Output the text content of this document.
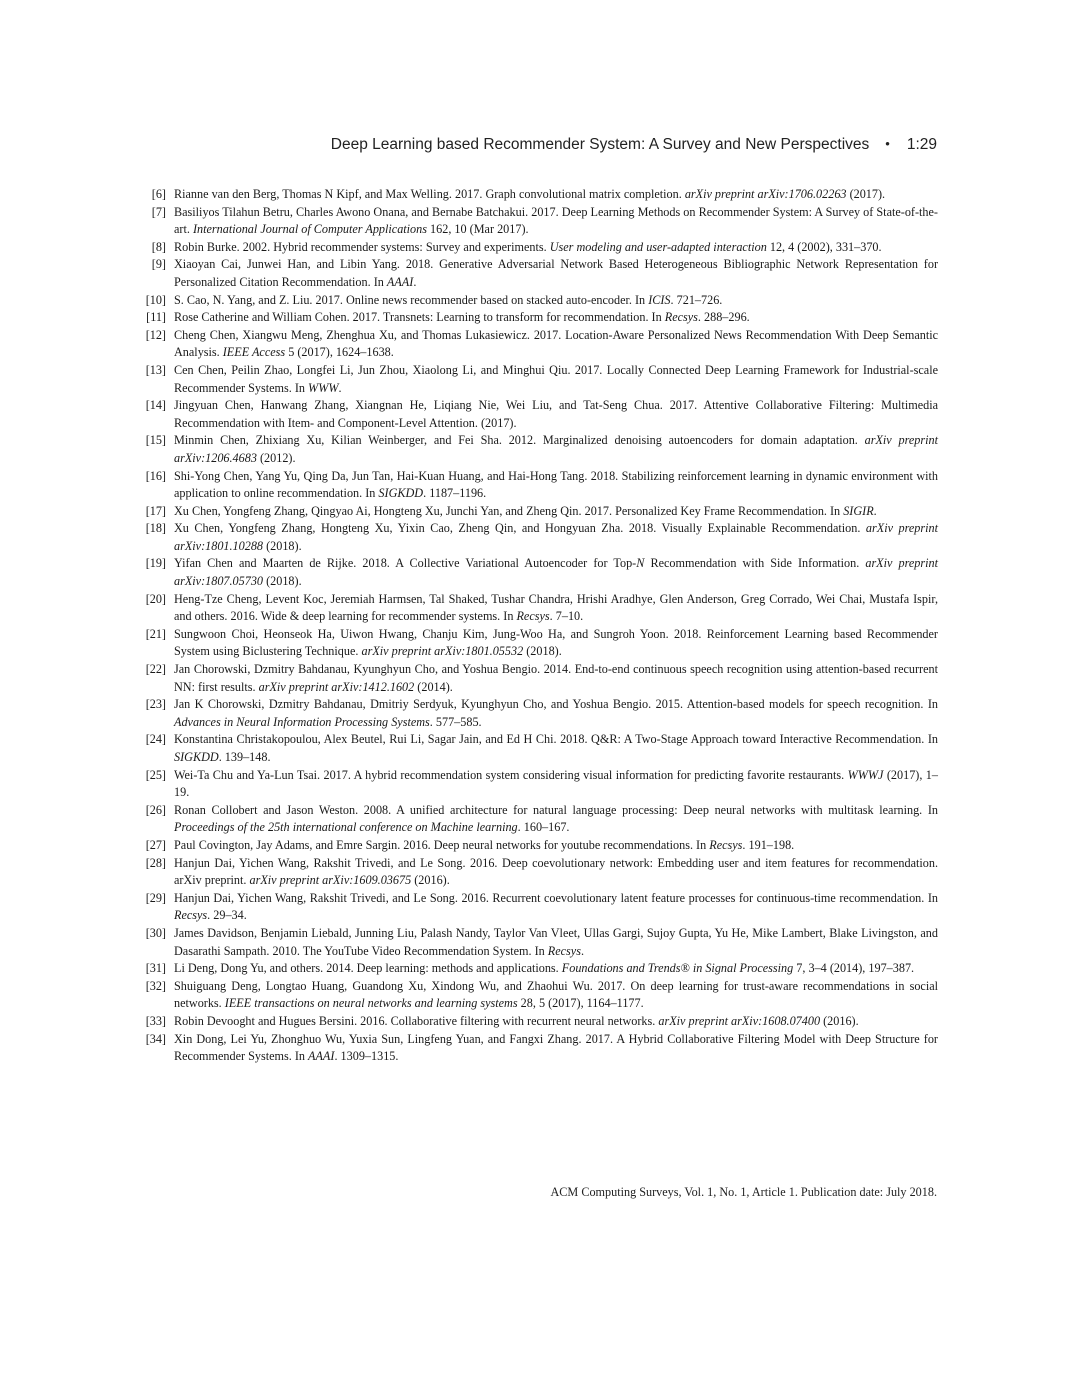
Deep Learning based Recommender System: A Survey and New Perspectives • 1:29
[6] Rianne van den Berg, Thomas N Kipf, and Max Welling. 2017. Graph convolutional matrix completion. arXiv preprint arXiv:1706.02263 (2017).
[7] Basiliyos Tilahun Betru, Charles Awono Onana, and Bernabe Batchakui. 2017. Deep Learning Methods on Recommender System: A Survey of State-of-the-art. International Journal of Computer Applications 162, 10 (Mar 2017).
[8] Robin Burke. 2002. Hybrid recommender systems: Survey and experiments. User modeling and user-adapted interaction 12, 4 (2002), 331–370.
[9] Xiaoyan Cai, Junwei Han, and Libin Yang. 2018. Generative Adversarial Network Based Heterogeneous Bibliographic Network Representation for Personalized Citation Recommendation. In AAAI.
[10] S. Cao, N. Yang, and Z. Liu. 2017. Online news recommender based on stacked auto-encoder. In ICIS. 721–726.
[11] Rose Catherine and William Cohen. 2017. Transnets: Learning to transform for recommendation. In Recsys. 288–296.
[12] Cheng Chen, Xiangwu Meng, Zhenghua Xu, and Thomas Lukasiewicz. 2017. Location-Aware Personalized News Recommendation With Deep Semantic Analysis. IEEE Access 5 (2017), 1624–1638.
[13] Cen Chen, Peilin Zhao, Longfei Li, Jun Zhou, Xiaolong Li, and Minghui Qiu. 2017. Locally Connected Deep Learning Framework for Industrial-scale Recommender Systems. In WWW.
[14] Jingyuan Chen, Hanwang Zhang, Xiangnan He, Liqiang Nie, Wei Liu, and Tat-Seng Chua. 2017. Attentive Collaborative Filtering: Multimedia Recommendation with Item- and Component-Level Attention. (2017).
[15] Minmin Chen, Zhixiang Xu, Kilian Weinberger, and Fei Sha. 2012. Marginalized denoising autoencoders for domain adaptation. arXiv preprint arXiv:1206.4683 (2012).
[16] Shi-Yong Chen, Yang Yu, Qing Da, Jun Tan, Hai-Kuan Huang, and Hai-Hong Tang. 2018. Stabilizing reinforcement learning in dynamic environment with application to online recommendation. In SIGKDD. 1187–1196.
[17] Xu Chen, Yongfeng Zhang, Qingyao Ai, Hongteng Xu, Junchi Yan, and Zheng Qin. 2017. Personalized Key Frame Recommendation. In SIGIR.
[18] Xu Chen, Yongfeng Zhang, Hongteng Xu, Yixin Cao, Zheng Qin, and Hongyuan Zha. 2018. Visually Explainable Recommendation. arXiv preprint arXiv:1801.10288 (2018).
[19] Yifan Chen and Maarten de Rijke. 2018. A Collective Variational Autoencoder for Top-N Recommendation with Side Information. arXiv preprint arXiv:1807.05730 (2018).
[20] Heng-Tze Cheng, Levent Koc, Jeremiah Harmsen, Tal Shaked, Tushar Chandra, Hrishi Aradhye, Glen Anderson, Greg Corrado, Wei Chai, Mustafa Ispir, and others. 2016. Wide & deep learning for recommender systems. In Recsys. 7–10.
[21] Sungwoon Choi, Heonseok Ha, Uiwon Hwang, Chanju Kim, Jung-Woo Ha, and Sungroh Yoon. 2018. Reinforcement Learning based Recommender System using Biclustering Technique. arXiv preprint arXiv:1801.05532 (2018).
[22] Jan Chorowski, Dzmitry Bahdanau, Kyunghyun Cho, and Yoshua Bengio. 2014. End-to-end continuous speech recognition using attention-based recurrent NN: first results. arXiv preprint arXiv:1412.1602 (2014).
[23] Jan K Chorowski, Dzmitry Bahdanau, Dmitriy Serdyuk, Kyunghyun Cho, and Yoshua Bengio. 2015. Attention-based models for speech recognition. In Advances in Neural Information Processing Systems. 577–585.
[24] Konstantina Christakopoulou, Alex Beutel, Rui Li, Sagar Jain, and Ed H Chi. 2018. Q&R: A Two-Stage Approach toward Interactive Recommendation. In SIGKDD. 139–148.
[25] Wei-Ta Chu and Ya-Lun Tsai. 2017. A hybrid recommendation system considering visual information for predicting favorite restaurants. WWWJ (2017), 1–19.
[26] Ronan Collobert and Jason Weston. 2008. A unified architecture for natural language processing: Deep neural networks with multitask learning. In Proceedings of the 25th international conference on Machine learning. 160–167.
[27] Paul Covington, Jay Adams, and Emre Sargin. 2016. Deep neural networks for youtube recommendations. In Recsys. 191–198.
[28] Hanjun Dai, Yichen Wang, Rakshit Trivedi, and Le Song. 2016. Deep coevolutionary network: Embedding user and item features for recommendation. arXiv preprint. arXiv preprint arXiv:1609.03675 (2016).
[29] Hanjun Dai, Yichen Wang, Rakshit Trivedi, and Le Song. 2016. Recurrent coevolutionary latent feature processes for continuous-time recommendation. In Recsys. 29–34.
[30] James Davidson, Benjamin Liebald, Junning Liu, Palash Nandy, Taylor Van Vleet, Ullas Gargi, Sujoy Gupta, Yu He, Mike Lambert, Blake Livingston, and Dasarathi Sampath. 2010. The YouTube Video Recommendation System. In Recsys.
[31] Li Deng, Dong Yu, and others. 2014. Deep learning: methods and applications. Foundations and Trends® in Signal Processing 7, 3–4 (2014), 197–387.
[32] Shuiguang Deng, Longtao Huang, Guandong Xu, Xindong Wu, and Zhaohui Wu. 2017. On deep learning for trust-aware recommendations in social networks. IEEE transactions on neural networks and learning systems 28, 5 (2017), 1164–1177.
[33] Robin Devooght and Hugues Bersini. 2016. Collaborative filtering with recurrent neural networks. arXiv preprint arXiv:1608.07400 (2016).
[34] Xin Dong, Lei Yu, Zhonghuo Wu, Yuxia Sun, Lingfeng Yuan, and Fangxi Zhang. 2017. A Hybrid Collaborative Filtering Model with Deep Structure for Recommender Systems. In AAAI. 1309–1315.
ACM Computing Surveys, Vol. 1, No. 1, Article 1. Publication date: July 2018.
